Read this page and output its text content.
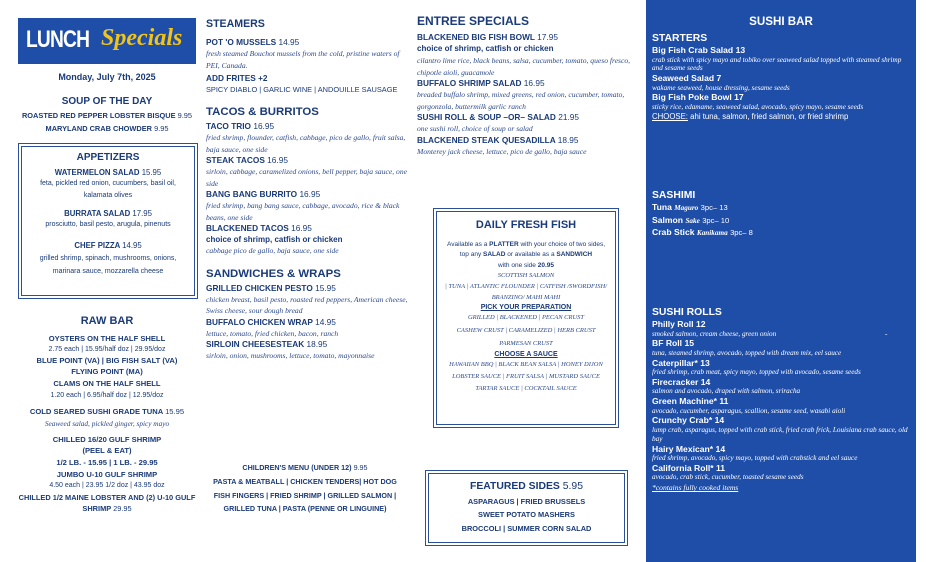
LUNCH Specials
Monday, July 7th, 2025
SOUP OF THE DAY
ROASTED RED PEPPER LOBSTER BISQUE 9.95
MARYLAND CRAB CHOWDER 9.95
APPETIZERS
WATERMELON SALAD 15.95
feta, pickled red onion, cucumbers, basil oil, kalamata olives
BURRATA SALAD 17.95
prosciutto, basil pesto, arugula, pinenuts
CHEF PIZZA 14.95
grilled shrimp, spinach, mushrooms, onions, marinara sauce, mozzarella cheese
RAW BAR
OYSTERS ON THE HALF SHELL
2.75 each | 15.95/half doz | 29.95/doz
BLUE POINT (VA) | BIG FISH SALT (VA)
FLYING POINT (MA)
CLAMS ON THE HALF SHELL
1.20 each | 6.95/half doz | 12.95/doz
COLD SEARED SUSHI GRADE TUNA 15.95
Seaweed salad, pickled ginger, spicy mayo
CHILLED 16/20 GULF SHRIMP
(PEEL & EAT)
1/2 LB. - 15.95 | 1 LB. - 29.95
JUMBO U-10 GULF SHRIMP
4.50 each | 23.95 1/2 doz | 43.95 doz
CHILLED 1/2 MAINE LOBSTER AND (2) U-10 GULF
SHRIMP 29.95
STEAMERS
POT 'O MUSSELS 14.95
fresh steamed Bouchot mussels from the cold, pristine waters of PEI, Canada.
ADD FRITES +2
SPICY DIABLO | GARLIC WINE | ANDOUILLE SAUSAGE
TACOS & BURRITOS
TACO TRIO 16.95
fried shrimp, flounder, catfish, cabbage, pico de gallo, fruit salsa, baja sauce, one side
STEAK TACOS 16.95
sirloin, cabbage, caramelized onions, bell pepper, baja sauce, one side
BANG BANG BURRITO 16.95
fried shrimp, bang bang sauce, cabbage, avocado, rice & black beans, one side
BLACKENED TACOS 16.95
choice of shrimp, catfish or chicken
cabbage pico de gallo, baja sauce, one side
SANDWICHES & WRAPS
GRILLED CHICKEN PESTO 15.95
chicken breast, basil pesto, roasted red peppers, American cheese, Swiss cheese, sour dough bread
BUFFALO CHICKEN WRAP 14.95
lettuce, tomato, fried chicken, bacon, ranch
SIRLOIN CHEESESTEAK 18.95
sirloin, onion, mushrooms, lettuce, tomato, mayonnaise
CHILDREN'S MENU (UNDER 12) 9.95
PASTA & MEATBALL | CHICKEN TENDERS| HOT DOG
FISH FINGERS | FRIED SHRIMP | GRILLED SALMON |
GRILLED TUNA | PASTA (PENNE OR LINGUINE)
ENTREE SPECIALS
BLACKENED BIG FISH BOWL 17.95
choice of shrimp, catfish or chicken
cilantro lime rice, black beans, salsa, cucumber, tomato, queso fresco, chipotle aioli, guacamole
BUFFALO SHRIMP SALAD 16.95
breaded buffalo shrimp, mixed greens, red onion, cucumber, tomato, gorgonzola, buttermilk garlic ranch
SUSHI ROLL & SOUP –OR– SALAD 21.95
one sushi roll, choice of soup or salad
BLACKENED STEAK QUESADILLA 18.95
Monterey jack cheese, lettuce, pico de gallo, baja sauce
DAILY FRESH FISH
Available as a PLATTER with your choice of two sides,
top any SALAD or available as a SANDWICH
with one side 20.95
SCOTTISH SALMON
| TUNA | ATLANTIC FLOUNDER | CATFISH /SWORDFISH/
BRANZINO/ MAHI MAHI
PICK YOUR PREPARATION
GRILLED | BLACKENED | PECAN CRUST
CASHEW CRUST | CARAMELIZED | HERB CRUST
PARMESAN CRUST
CHOOSE A SAUCE
HAWAIIAN BBQ | BLACK BEAN SALSA | HONEY DIJON
LOBSTER SAUCE | FRUIT SALSA | MUSTARD SAUCE
TARTAR SAUCE | COCKTAIL SAUCE
FEATURED SIDES 5.95
ASPARAGUS | FRIED BRUSSELS
SWEET POTATO MASHERS
BROCCOLI | SUMMER CORN SALAD
SUSHI BAR
STARTERS
Big Fish Crab Salad 13
crab stick with spicy mayo and tobiko over seaweed salad topped with steamed shrimp and sesame seeds
Seaweed Salad 7
wakame seaweed, house dressing, sesame seeds
Big Fish Poke Bowl 17
sticky rice, edamame, seaweed salad, avocado, spicy mayo, sesame seeds
CHOOSE: ahi tuna, salmon, fried salmon, or fried shrimp
SASHIMI
Tuna Maguro 3pc– 13
Salmon Sake 3pc– 10
Crab Stick Kanikama 3pc– 8
SUSHI ROLLS
Philly Roll 12
smoked salmon, cream cheese, green onion	-
BF Roll 15
tuna, steamed shrimp, avocado, topped with dream mix, eel sauce
Caterpillar* 13
fried shrimp, crab meat, spicy mayo, topped with avocado, sesame seeds
Firecracker 14
salmon and avocado, draped with salmon, sriracha
Green Machine* 11
avocado, cucumber, asparagus, scallion, sesame seed, wasabi aioli
Crunchy Crab* 14
lump crab, asparagus, topped with crab stick, fried crab frick, Louisiana crab sauce, old bay
Hairy Mexican* 14
fried shrimp, avocado, spicy mayo, topped with crabstick and eel sauce
California Roll* 11
avocado, crab stick, cucumber, toasted sesame seeds
*contains fully cooked items
